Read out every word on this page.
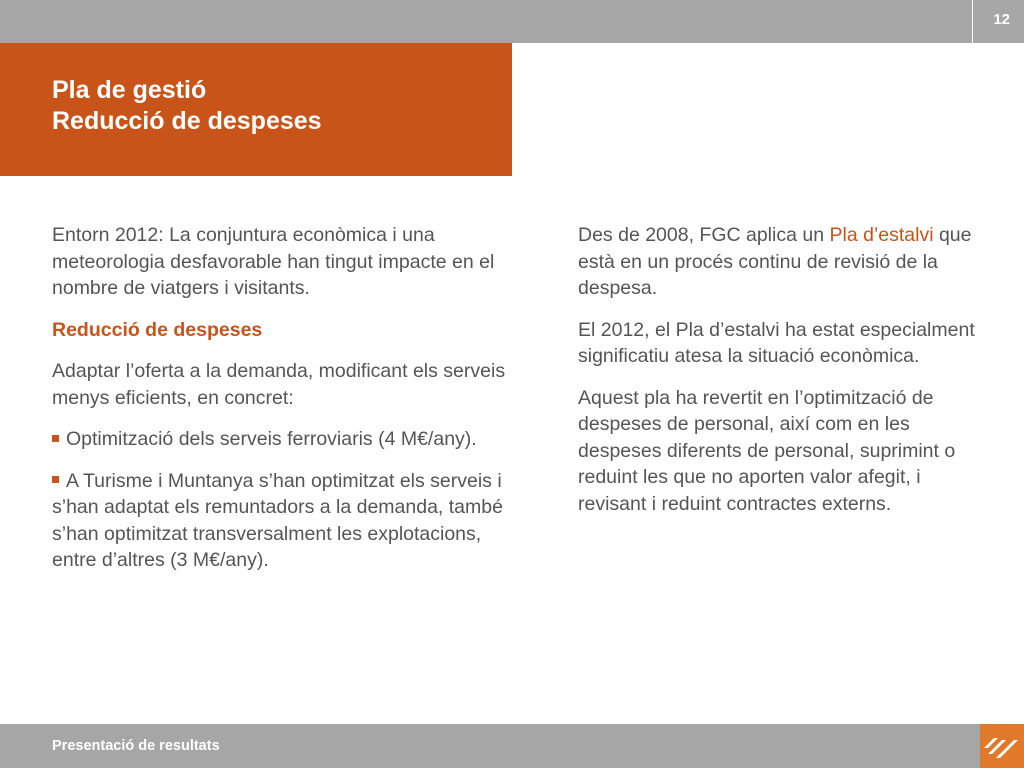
12
Pla de gestió
Reducció de despeses

Entorn 2012: La conjuntura econòmica i una meteorologia desfavorable han tingut impacte en el nombre de viatgers i visitants.

Reducció de despeses

Adaptar l’oferta a la demanda, modificant els serveis menys eficients, en concret:

Optimització dels serveis ferroviaris (4 M€/any).

A Turisme i Muntanya s’han optimitzat els serveis i s’han adaptat els remuntadors a la demanda, també s’han optimitzat transversalment les explotacions, entre d’altres (3 M€/any).

Des de 2008, FGC aplica un Pla d’estalvi que està en un procés continu de revisió de la despesa.

El 2012, el Pla d’estalvi ha estat especialment significatiu atesa la situació econòmica.

Aquest pla ha revertit en l’optimització de despeses de personal, així com en les despeses diferents de personal, suprimint o reduint les que no aporten valor afegit, i revisant i reduint contractes externs.

Presentació de resultats
